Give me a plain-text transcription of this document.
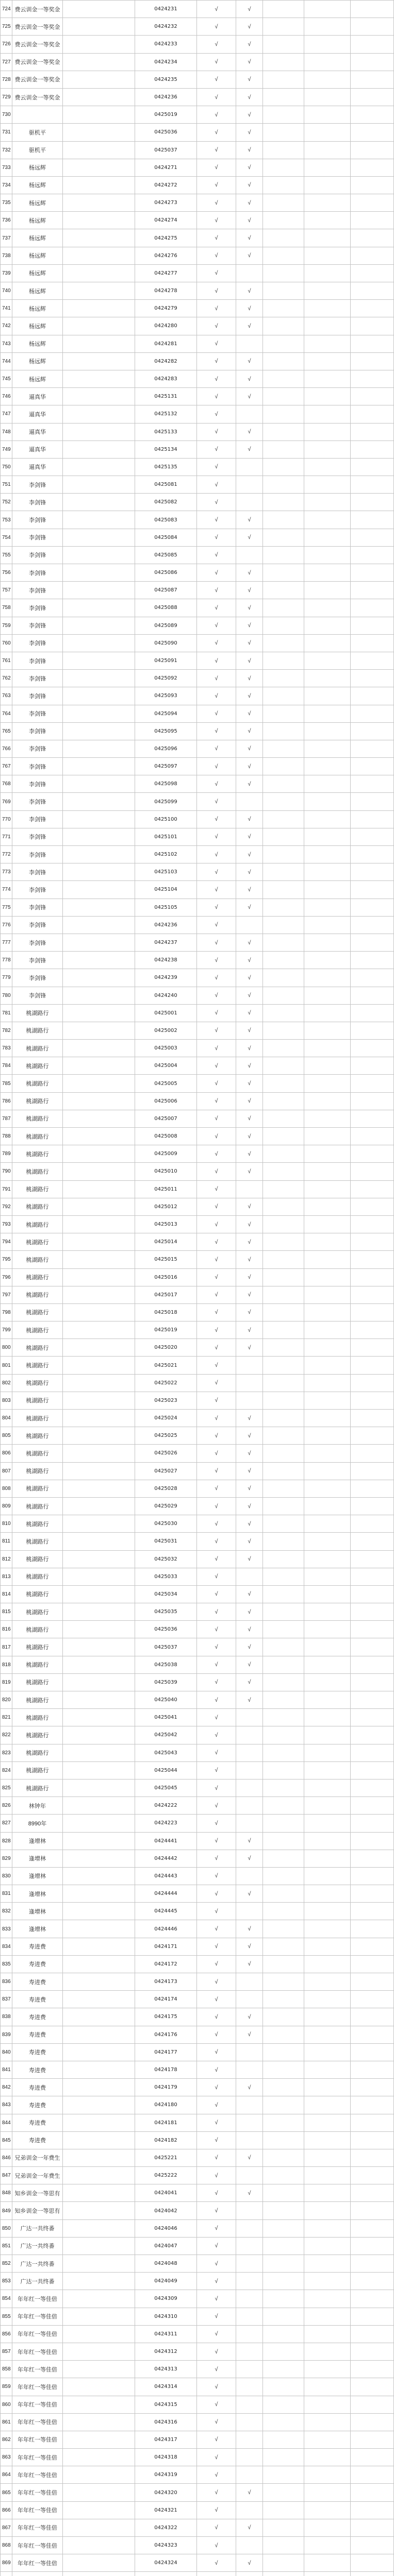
724 费云训金一等奖金	0424231	√	√
725 费云训金一等奖金	0424232	√	√
726 费云训金一等奖金	0424233	√	√
727 费云训金一等奖金	0424234	√	√
728 费云训金一等奖金	0424235	√	√
729 费云训金一等奖金	0424236	√	√
730	0425019	√	√
731	驱机平	0425036	√	√
732	驱机平	0425037	√	√
733	杨远辉	0424271	√	√
734	杨远辉	0424272	√	√
735	杨远辉	0424273	√	√
736	杨远辉	0424274	√	√
737	杨远辉	0424275	√	√
738	杨远辉	0424276	√	√
739	杨远辉	0424277	√
740	杨远辉	0424278	√	√
741	杨远辉	0424279	√	√
742	杨远辉	0424280	√	√
743	杨远辉	0424281	√
744	杨远辉	0424282	√	√
745	杨远辉	0424283	√	√
746	逼真华	0425131	√	√
747	逼真华	0425132	√
748	逼真华	0425133	√	√
749	逼真华	0425134	√	√
750	逼真华	0425135	√
751	李剑锋	0425081	√
752	李剑锋	0425082	√
753	李剑锋	0425083	√	√
754	李剑锋	0425084	√	√
755	李剑锋	0425085	√
756	李剑锋	0425086	√	√
757	李剑锋	0425087	√	√
758	李剑锋	0425088	√	√
759	李剑锋	0425089	√	√
760	李剑锋	0425090	√	√
761	李剑锋	0425091	√	√
762	李剑锋	0425092	√	√
763	李剑锋	0425093	√	√
764	李剑锋	0425094	√	√
765	李剑锋	0425095	√	√
766	李剑锋	0425096	√	√
767	李剑锋	0425097	√	√
768	李剑锋	0425098	√	√
769	李剑锋	0425099	√
770	李剑锋	0425100	√	√
771	李剑锋	0425101	√	√
772	李剑锋	0425102	√	√
773	李剑锋	0425103	√	√
774	李剑锋	0425104	√	√
775	李剑锋	0425105	√	√
776	李剑锋	0424236	√
777	李剑锋	0424237	√	√
778	李剑锋	0424238	√	√
779	李剑锋	0424239	√	√
780	李剑锋	0424240	√	√
781	桃湖路行	0425001	√	√
782	桃湖路行	0425002	√	√
783	桃湖路行	0425003	√	√
784	桃湖路行	0425004	√	√
785	桃湖路行	0425005	√	√
786	桃湖路行	0425006	√	√
787	桃湖路行	0425007	√	√
788	桃湖路行	0425008	√	√
789	桃湖路行	0425009	√	√
790	桃湖路行	0425010	√	√
791	桃湖路行	0425011	√
792	桃湖路行	0425012	√	√
793	桃湖路行	0425013	√	√
794	桃湖路行	0425014	√	√
795	桃湖路行	0425015	√	√
796	桃湖路行	0425016	√	√
797	桃湖路行	0425017	√	√
798	桃湖路行	0425018	√	√
799	桃湖路行	0425019	√	√
800	桃湖路行	0425020	√	√
801	桃湖路行	0425021	√
802	桃湖路行	0425022	√
803	桃湖路行	0425023	√
804	桃湖路行	0425024	√	√
805	桃湖路行	0425025	√	√
806	桃湖路行	0425026	√	√
807	桃湖路行	0425027	√	√
808	桃湖路行	0425028	√	√
809	桃湖路行	0425029	√	√
810	桃湖路行	0425030	√	√
811	桃湖路行	0425031	√	√
812	桃湖路行	0425032	√	√
813	桃湖路行	0425033	√
814	桃湖路行	0425034	√	√
815	桃湖路行	0425035	√	√
816	桃湖路行	0425036	√	√
817	桃湖路行	0425037	√	√
818	桃湖路行	0425038	√	√
819	桃湖路行	0425039	√	√
820	桃湖路行	0425040	√	√
821	桃湖路行	0425041	√
822	桃湖路行	0425042	√
823	桃湖路行	0425043	√
824	桃湖路行	0425044	√
825	桃湖路行	0425045	√
826	林钟年	0424222	√
827	8990年	0424223	√
828	逢增林	0424441	√	√
829	逢增林	0424442	√	√
830	逢增林	0424443	√
831	逢增林	0424444	√	√
832	逢增林	0424445	√
833	逢增林	0424446	√	√
834	寿进费	0424171	√	√
835	寿进费	0424172	√	√
836	寿进费	0424173	√
837	寿进费	0424174	√
838	寿进费	0424175	√	√
839	寿进费	0424176	√	√
840	寿进费	0424177	√
841	寿进费	0424178	√
842	寿进费	0424179	√	√
843	寿进费	0424180	√
844	寿进费	0424181	√
845	寿进费	0424182	√
846 兄弟训金一年费生	0425221	√	√
847 兄弟训金一年费生	0425222	√
848 知乡训金一等思有	0424041	√	√
849 知乡训金一等思有	0424042	√
850	广达一共终番	0424046	√
851	广达一共终番	0424047	√
852	广达一共终番	0424048	√
853	广达一共终番	0424049	√
854	年年红一等佳倍	0424309	√
855	年年红一等佳倍	0424310	√
856	年年红一等佳倍	0424311	√
857	年年红一等佳倍	0424312	√
858	年年红一等佳倍	0424313	√
859	年年红一等佳倍	0424314	√
860	年年红一等佳倍	0424315	√
861	年年红一等佳倍	0424316	√
862	年年红一等佳倍	0424317	√
863	年年红一等佳倍	0424318	√
864	年年红一等佳倍	0424319	√
865	年年红一等佳倍	0424320	√	√
866	年年红一等佳倍	0424321	√
867	年年红一等佳倍	0424322	√	√
868	年年红一等佳倍	0424323	√
869	年年红一等佳倍	0424324	√	√
